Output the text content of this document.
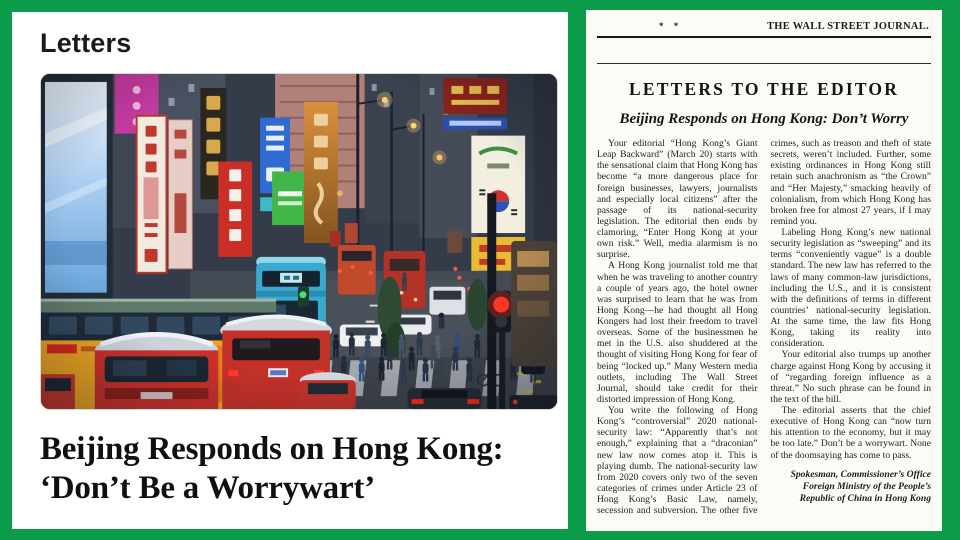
Letters
Beijing Responds on Hong Kong:
‘Don’t Be a Worrywart’
* *	THE WALL STREET JOURNAL.
LETTERS TO THE EDITOR
Beijing Responds on Hong Kong: Don’t Worry

Your editorial “Hong Kong’s Giant Leap Backward” (March 20) starts with the sensational claim that Hong Kong has become “a more dangerous place for foreign businesses, lawyers, journalists and especially local citizens” after the passage of its national-security legislation. The editorial then ends by clamoring, “Enter Hong Kong at your own risk.” Well, media alarmism is no surprise.

A Hong Kong journalist told me that when he was traveling to another country a couple of years ago, the hotel owner was surprised to learn that he was from Hong Kong—he had thought all Hong Kongers had lost their freedom to travel overseas. Some of the businessmen he met in the U.S. also shuddered at the thought of visiting Hong Kong for fear of being “locked up.” Many Western media outlets, including The Wall Street Journal, should take credit for their distorted impression of Hong Kong.

You write the following of Hong Kong’s “controversial” 2020 national-security law: “Apparently that’s not enough,” explaining that a “draconian” new law now comes atop it. This is playing dumb. The national-security law from 2020 covers only two of the seven categories of crimes under Article 23 of Hong Kong’s Basic Law, namely, secession and subversion. The other five crimes, such as treason and theft of state secrets, weren’t included. Further, some existing ordinances in Hong Kong still retain such anachronism as “the Crown” and “Her Majesty,” smacking heavily of colonialism, from which Hong Kong has broken free for almost 27 years, if I may remind you.

Labeling Hong Kong’s new national security legislation as “sweeping” and its terms “conveniently vague” is a double standard. The new law has referred to the laws of many common-law jurisdictions, including the U.S., and it is consistent with the definitions of terms in different countries’ national-security legislation. At the same time, the law fits Hong Kong, taking its reality into consideration.

Your editorial also trumps up another charge against Hong Kong by accusing it of “regarding foreign influence as a threat.” No such phrase can be found in the text of the bill.

The editorial asserts that the chief executive of Hong Kong can “now turn his attention to the economy, but it may be too late.” Don’t be a worrywart. None of the doomsaying has come to pass.

Spokesman, Commissioner’s Office
Foreign Ministry of the People’s
Republic of China in Hong Kong
